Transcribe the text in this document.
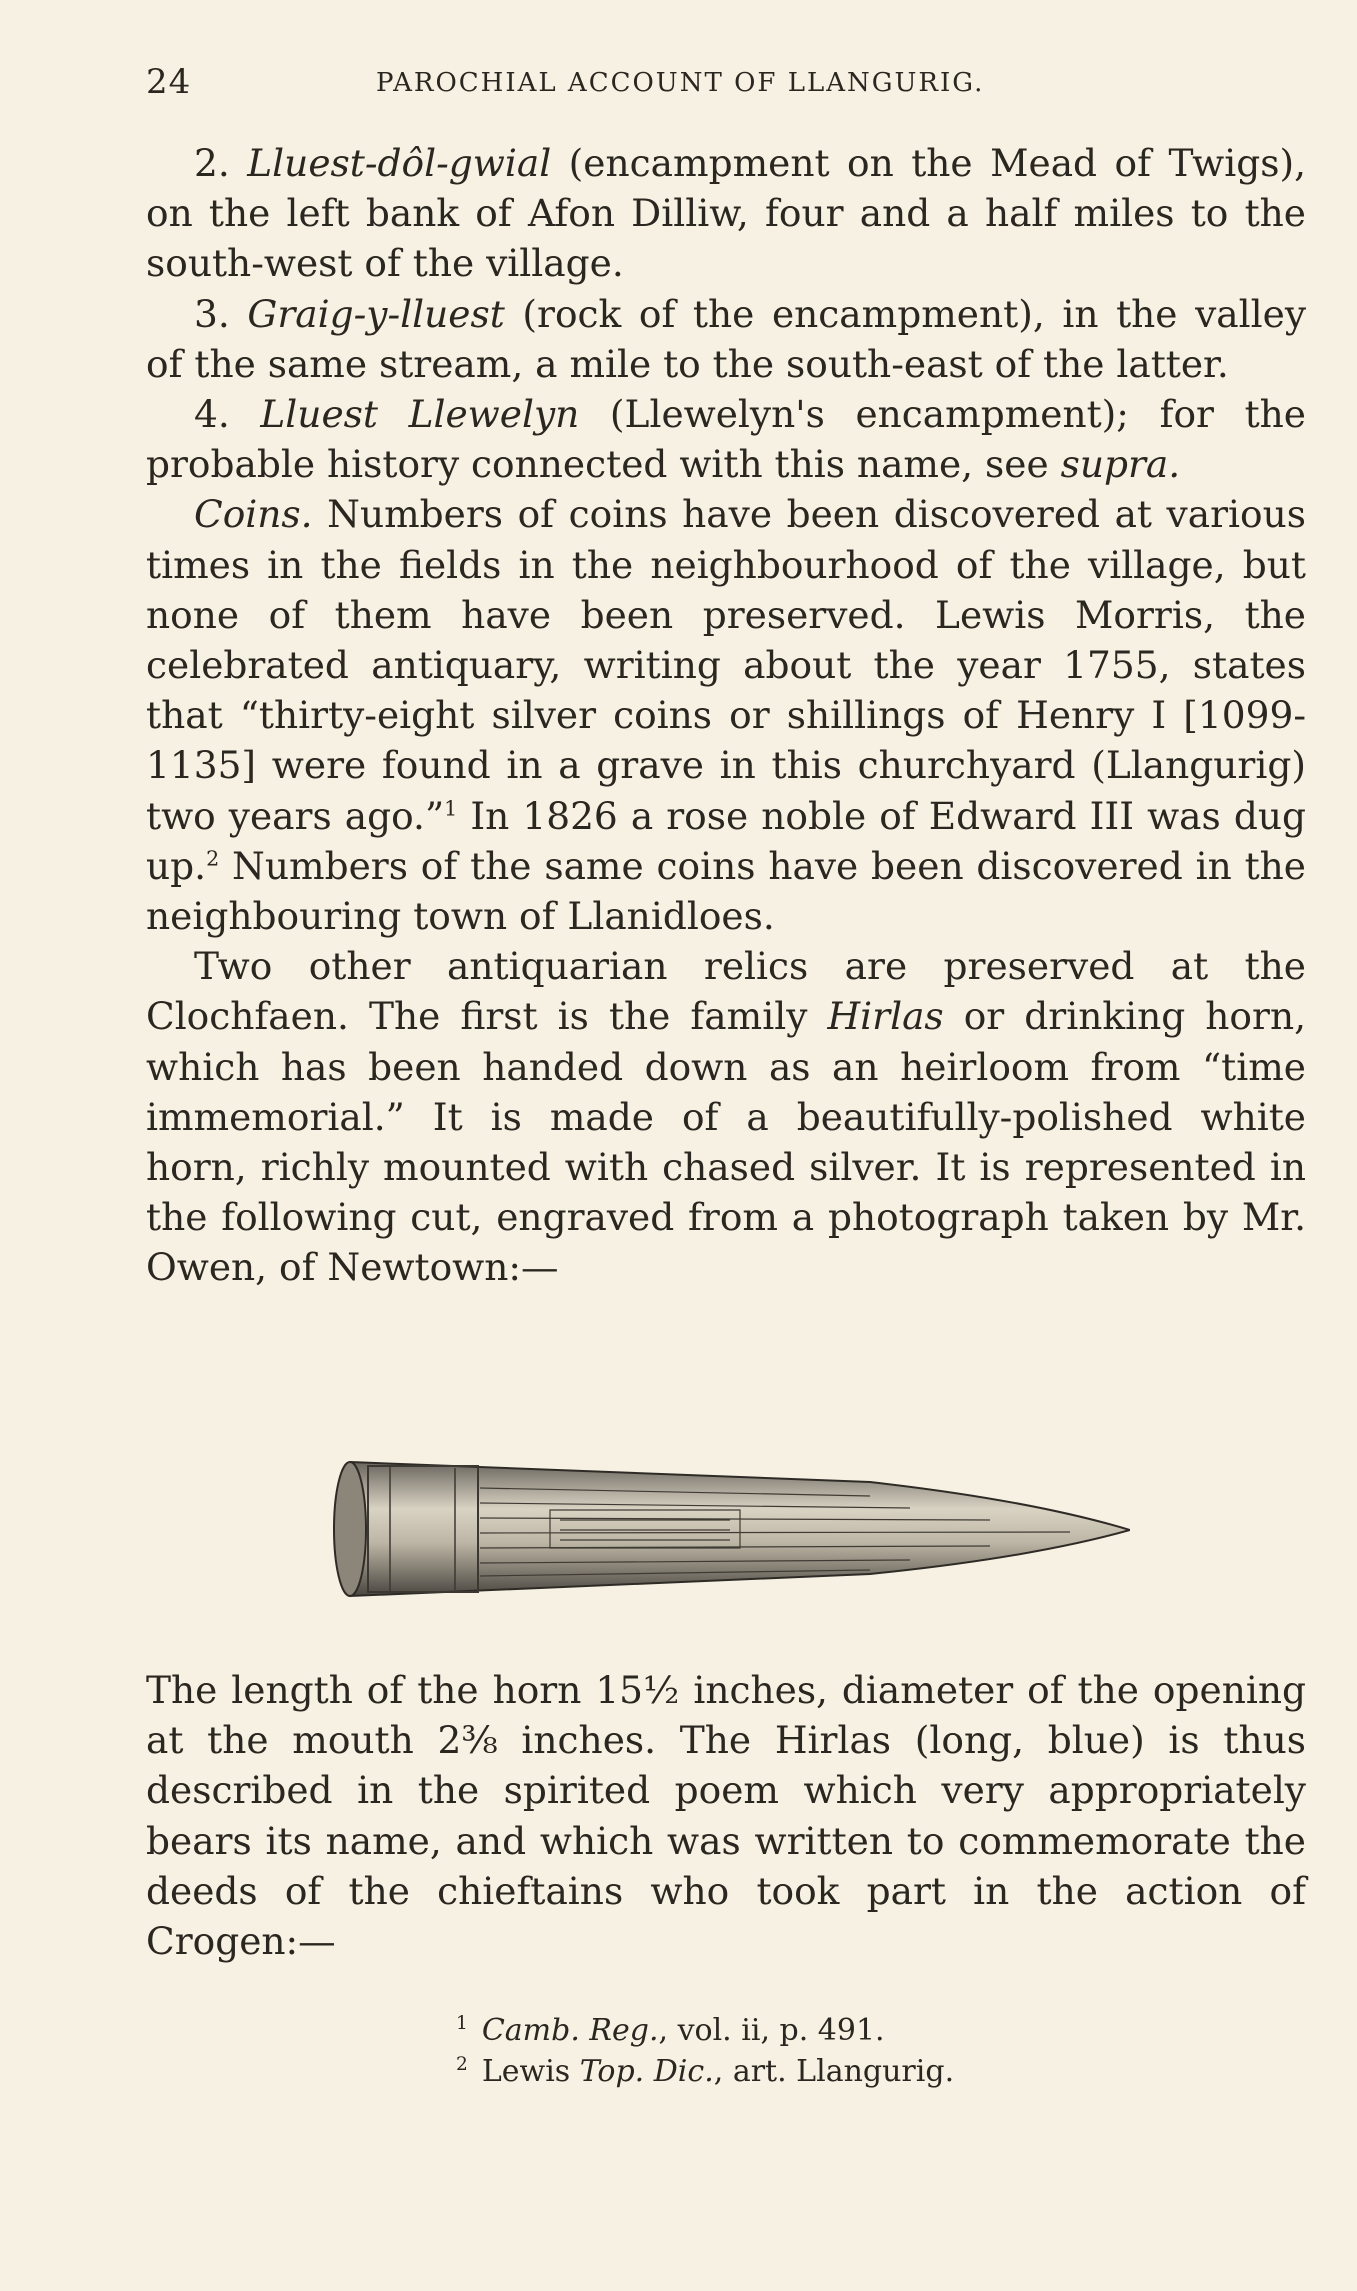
24	PAROCHIAL ACCOUNT OF LLANGURIG.

2. Lluest-dôl-gwial (encampment on the Mead of Twigs), on the left bank of Afon Dilliw, four and a half miles to the south-west of the village.

3. Graig-y-lluest (rock of the encampment), in the valley of the same stream, a mile to the south-east of the latter.

4. Lluest Llewelyn (Llewelyn's encampment); for the probable history connected with this name, see supra.

Coins. Numbers of coins have been discovered at various times in the fields in the neighbourhood of the village, but none of them have been preserved. Lewis Morris, the celebrated antiquary, writing about the year 1755, states that “thirty-eight silver coins or shillings of Henry I [1099-1135] were found in a grave in this churchyard (Llangurig) two years ago.”$^1$ In 1826 a rose noble of Edward III was dug up.$^2$ Numbers of the same coins have been discovered in the neighbouring town of Llanidloes.

Two other antiquarian relics are preserved at the Clochfaen. The first is the family Hirlas or drinking horn, which has been handed down as an heirloom from “time immemorial.” It is made of a beautifully-polished white horn, richly mounted with chased silver. It is represented in the following cut, engraved from a photograph taken by Mr. Owen, of Newtown:—

The length of the horn 15½ inches, diameter of the opening at the mouth 2⅜ inches. The Hirlas (long, blue) is thus described in the spirited poem which very appropriately bears its name, and which was written to commemorate the deeds of the chieftains who took part in the action of Crogen:—

$^1$ Camb. Reg., vol. ii, p. 491.

$^2$ Lewis Top. Dic., art. Llangurig.
